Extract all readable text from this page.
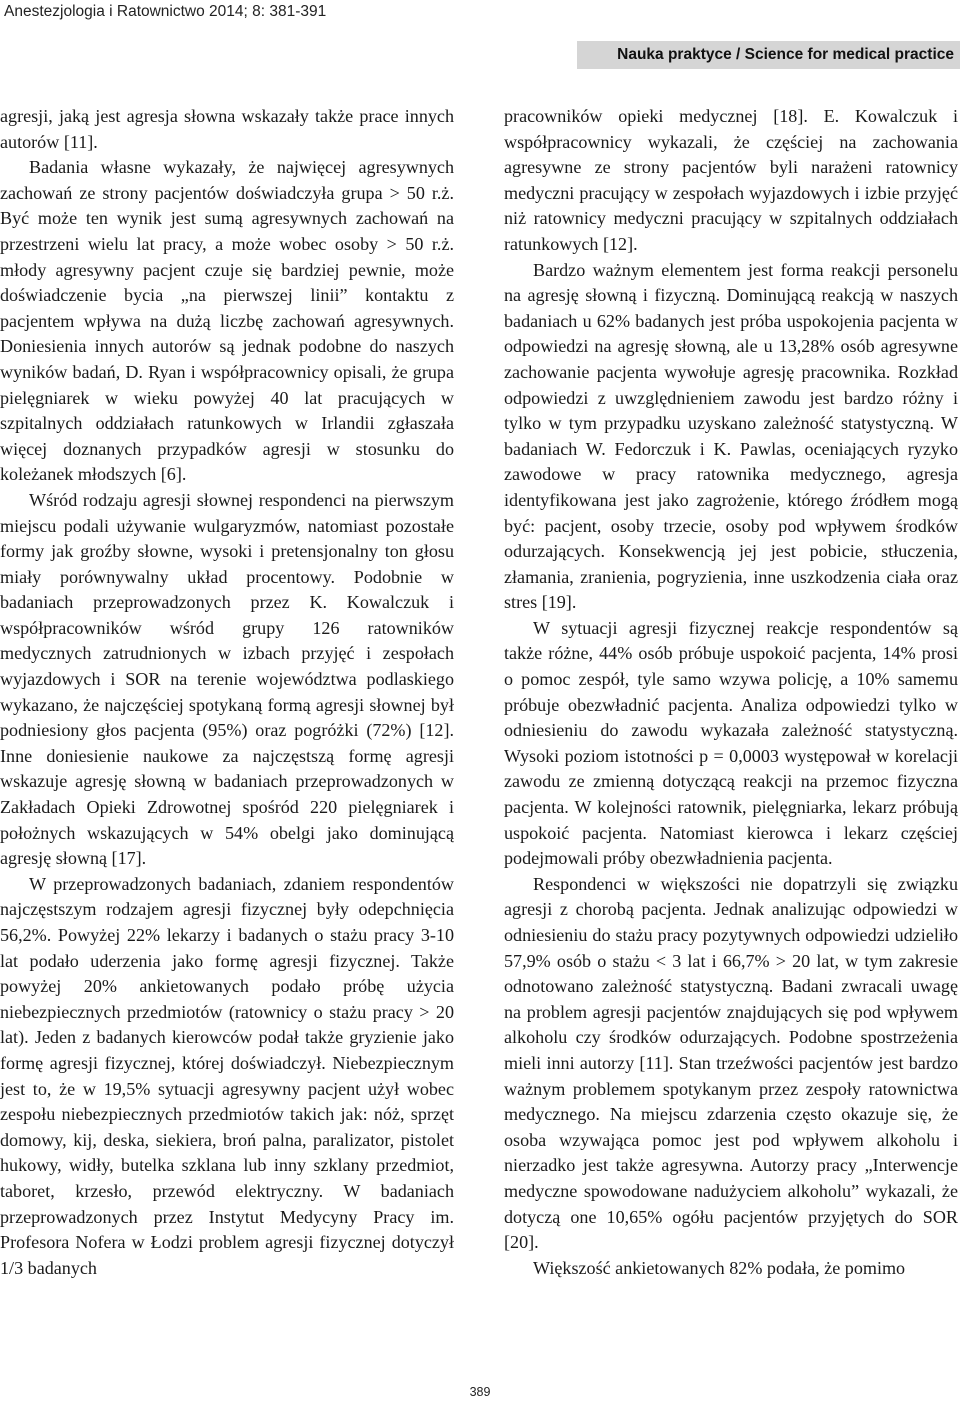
Anestezjologia i Ratownictwo 2014; 8: 381-391
Nauka praktyce / Science for medical practice

agresji, jaką jest agresja słowna wskazały także prace innych autorów [11].

Badania własne wykazały, że najwięcej agresywnych zachowań ze strony pacjentów doświadczyła grupa > 50 r.ż. Być może ten wynik jest sumą agresywnych zachowań na przestrzeni wielu lat pracy, a może wobec osoby > 50 r.ż. młody agresywny pacjent czuje się bardziej pewnie, może doświadczenie bycia „na pierwszej linii” kontaktu z pacjentem wpływa na dużą liczbę zachowań agresywnych. Doniesienia innych autorów są jednak podobne do naszych wyników badań, D. Ryan i współpracownicy opisali, że grupa pielęgniarek w wieku powyżej 40 lat pracujących w szpitalnych oddziałach ratunkowych w Irlandii zgłaszała więcej doznanych przypadków agresji w stosunku do koleżanek młodszych [6].

Wśród rodzaju agresji słownej respondenci na pierwszym miejscu podali używanie wulgaryzmów, natomiast pozostałe formy jak groźby słowne, wysoki i pretensjonalny ton głosu miały porównywalny układ procentowy. Podobnie w badaniach przeprowadzonych przez K. Kowalczuk i współpracowników wśród grupy 126 ratowników medycznych zatrudnionych w izbach przyjęć i zespołach wyjazdowych i SOR na terenie województwa podlaskiego wykazano, że najczęściej spotykaną formą agresji słownej był podniesiony głos pacjenta (95%) oraz pogróżki (72%) [12]. Inne doniesienie naukowe za najczęstszą formę agresji wskazuje agresję słowną w badaniach przeprowadzonych w Zakładach Opieki Zdrowotnej spośród 220 pielęgniarek i położnych wskazujących w 54% obelgi jako dominującą agresję słowną [17].

W przeprowadzonych badaniach, zdaniem respondentów najczęstszym rodzajem agresji fizycznej były odepchnięcia 56,2%. Powyżej 22% lekarzy i badanych o stażu pracy 3-10 lat podało uderzenia jako formę agresji fizycznej. Także powyżej 20% ankietowanych podało próbę użycia niebezpiecznych przedmiotów (ratownicy o stażu pracy > 20 lat). Jeden z badanych kierowców podał także gryzienie jako formę agresji fizycznej, której doświadczył. Niebezpiecznym jest to, że w 19,5% sytuacji agresywny pacjent użył wobec zespołu niebezpiecznych przedmiotów takich jak: nóż, sprzęt domowy, kij, deska, siekiera, broń palna, paralizator, pistolet hukowy, widły, butelka szklana lub inny szklany przedmiot, taboret, krzesło, przewód elektryczny. W badaniach przeprowadzonych przez Instytut Medycyny Pracy im. Profesora Nofera w Łodzi problem agresji fizycznej dotyczył 1/3 badanych

pracowników opieki medycznej [18]. E. Kowalczuk i współpracownicy wykazali, że częściej na zachowania agresywne ze strony pacjentów byli narażeni ratownicy medyczni pracujący w zespołach wyjazdowych i izbie przyjęć niż ratownicy medyczni pracujący w szpitalnych oddziałach ratunkowych [12].

Bardzo ważnym elementem jest forma reakcji personelu na agresję słowną i fizyczną. Dominującą reakcją w naszych badaniach u 62% badanych jest próba uspokojenia pacjenta w odpowiedzi na agresję słowną, ale u 13,28% osób agresywne zachowanie pacjenta wywołuje agresję pracownika. Rozkład odpowiedzi z uwzględnieniem zawodu jest bardzo różny i tylko w tym przypadku uzyskano zależność statystyczną. W badaniach W. Fedorczuk i K. Pawlas, oceniających ryzyko zawodowe w pracy ratownika medycznego, agresja identyfikowana jest jako zagrożenie, którego źródłem mogą być: pacjent, osoby trzecie, osoby pod wpływem środków odurzających. Konsekwencją jej jest pobicie, stłuczenia, złamania, zranienia, pogryzienia, inne uszkodzenia ciała oraz stres [19].

W sytuacji agresji fizycznej reakcje respondentów są także różne, 44% osób próbuje uspokoić pacjenta, 14% prosi o pomoc zespół, tyle samo wzywa policję, a 10% samemu próbuje obezwładnić pacjenta. Analiza odpowiedzi tylko w odniesieniu do zawodu wykazała zależność statystyczną. Wysoki poziom istotności p = 0,0003 występował w korelacji zawodu ze zmienną dotyczącą reakcji na przemoc fizyczna pacjenta. W kolejności ratownik, pielęgniarka, lekarz próbują uspokoić pacjenta. Natomiast kierowca i lekarz częściej podejmowali próby obezwładnienia pacjenta.

Respondenci w większości nie dopatrzyli się związku agresji z chorobą pacjenta. Jednak analizując odpowiedzi w odniesieniu do stażu pracy pozytywnych odpowiedzi udzieliło 57,9% osób o stażu < 3 lat i 66,7% > 20 lat, w tym zakresie odnotowano zależność statystyczną. Badani zwracali uwagę na problem agresji pacjentów znajdujących się pod wpływem alkoholu czy środków odurzających. Podobne spostrzeżenia mieli inni autorzy [11]. Stan trzeźwości pacjentów jest bardzo ważnym problemem spotykanym przez zespoły ratownictwa medycznego. Na miejscu zdarzenia często okazuje się, że osoba wzywająca pomoc jest pod wpływem alkoholu i nierzadko jest także agresywna. Autorzy pracy „Interwencje medyczne spowodowane nadużyciem alkoholu” wykazali, że dotyczą one 10,65% ogółu pacjentów przyjętych do SOR [20].

Większość ankietowanych 82% podała, że pomimo

389
